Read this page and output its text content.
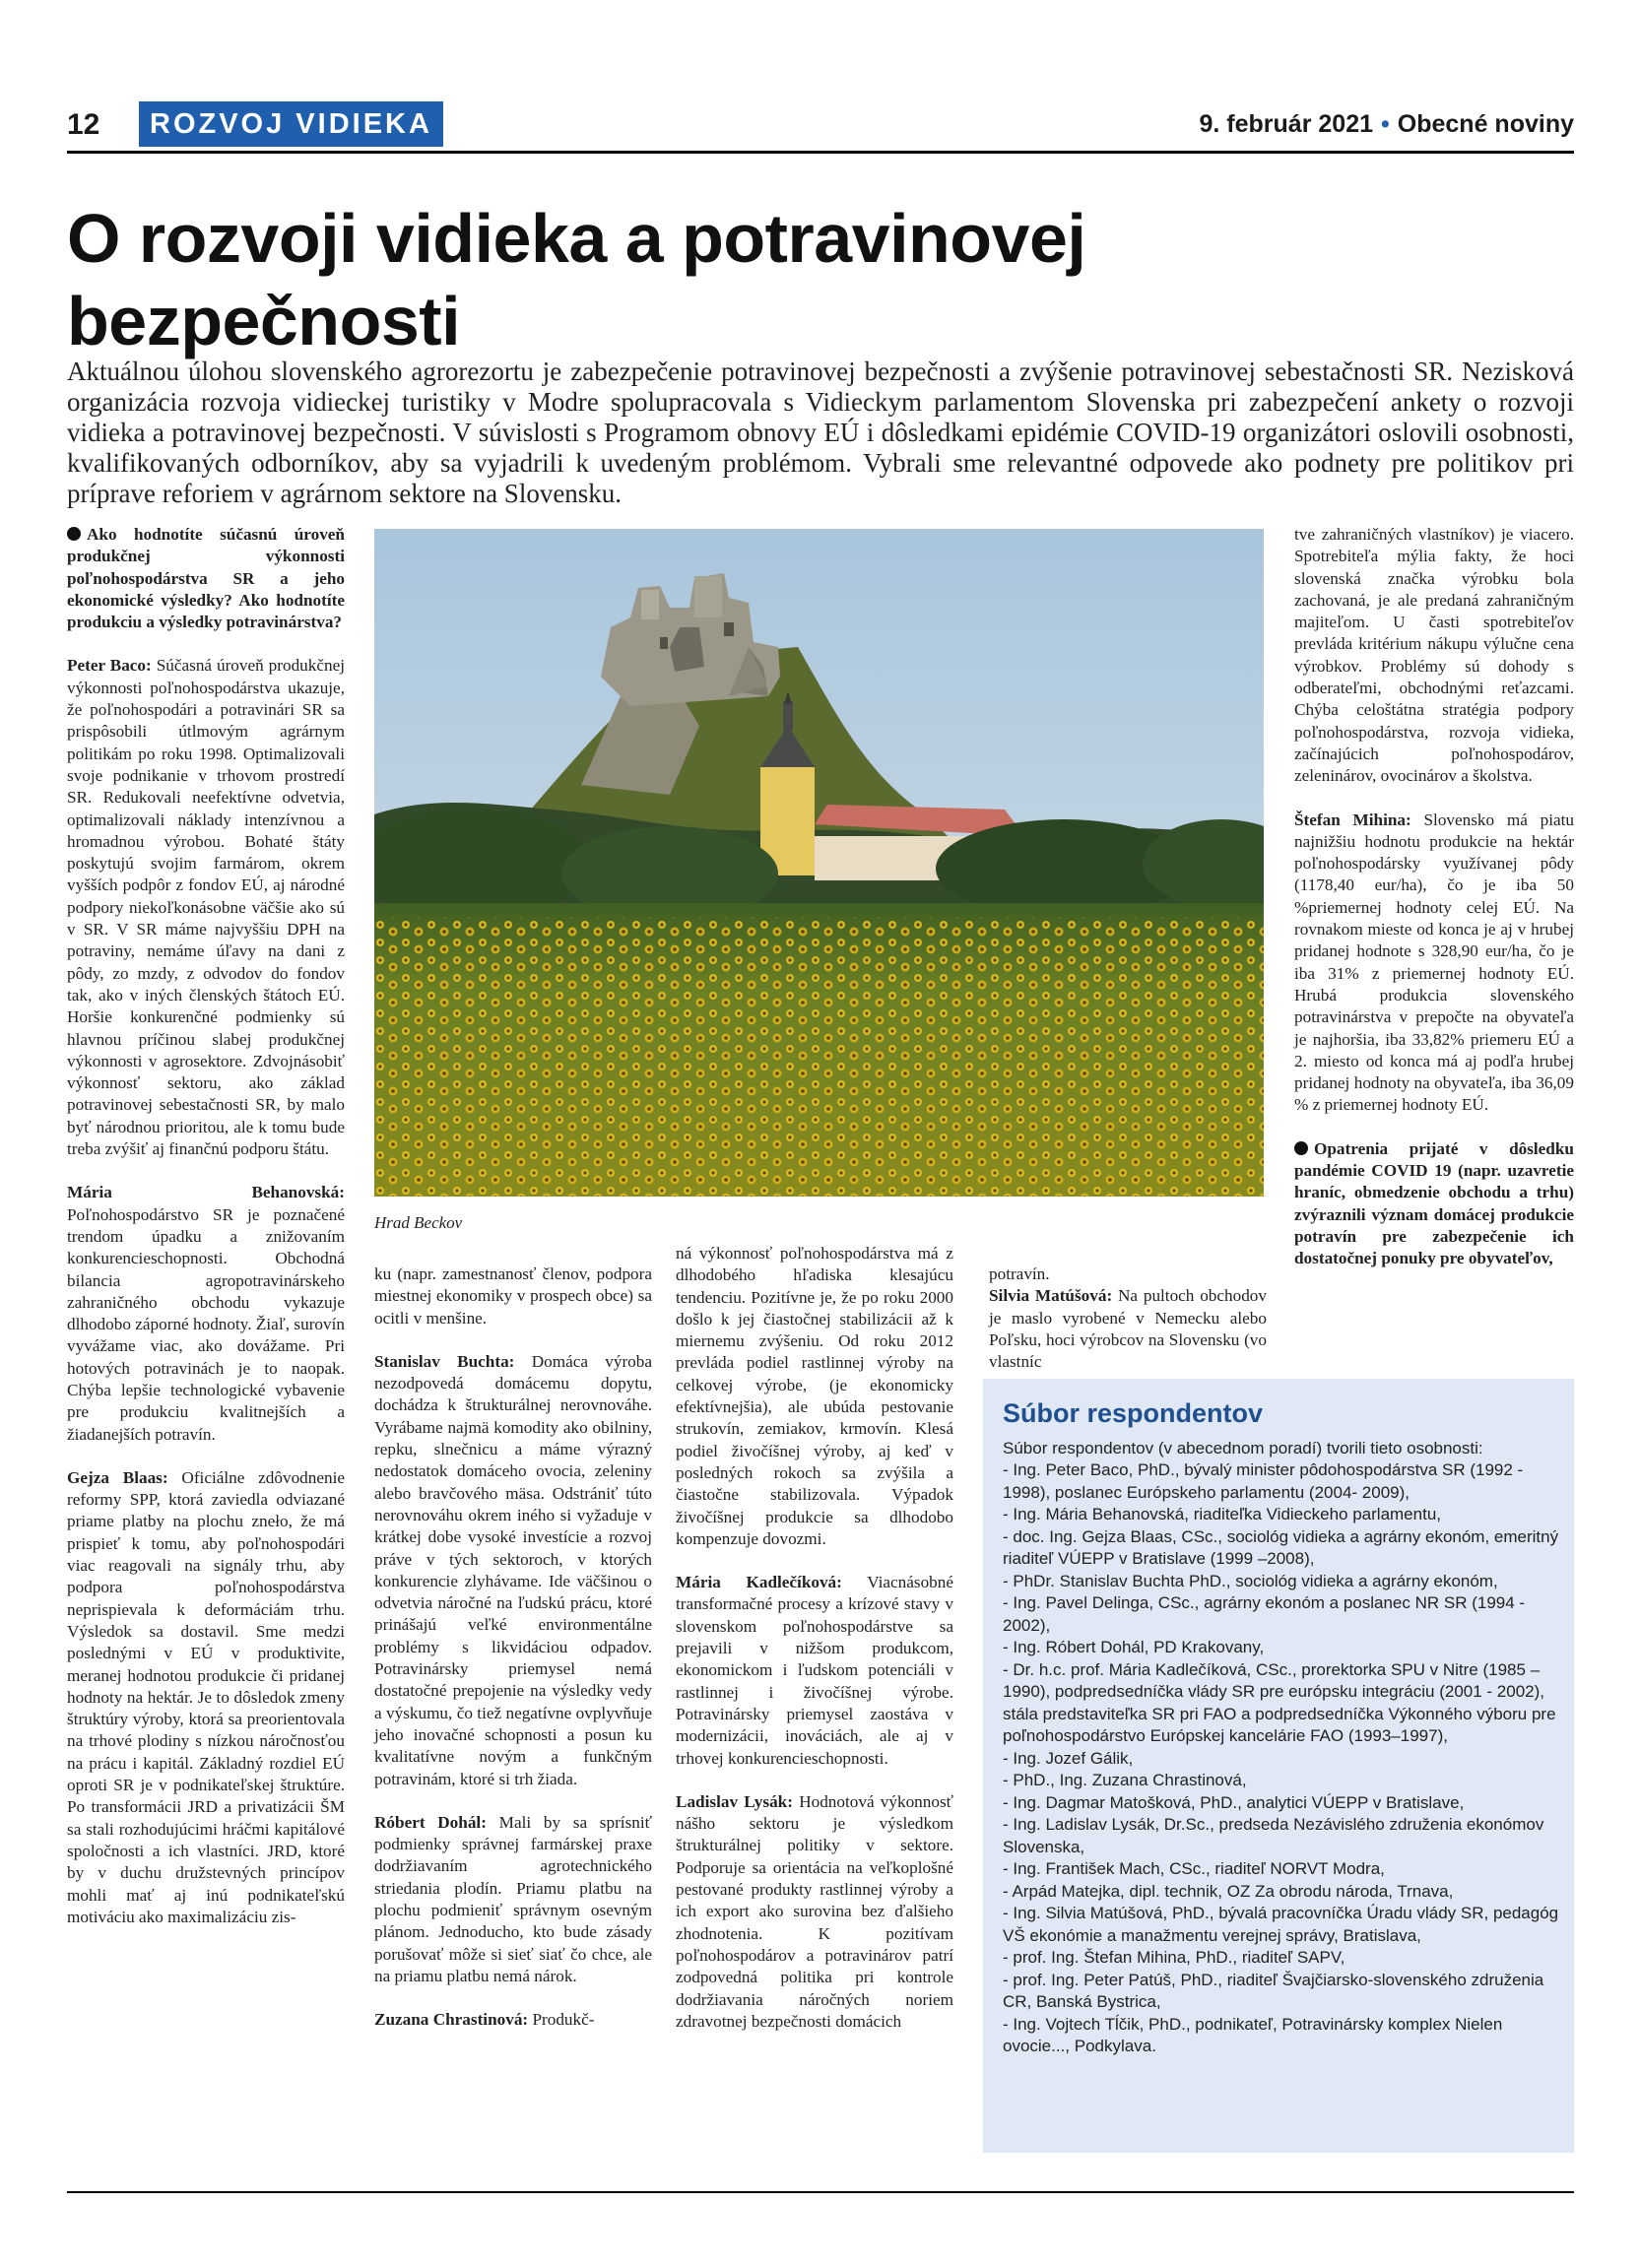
12 ROZVOJ VIDIEKA	9. február 2021 • Obecné noviny
O rozvoji vidieka a potravinovej bezpečnosti

Aktuálnou úlohou slovenského agrorezortu je zabezpečenie potravinovej bezpečnosti a zvýšenie potravinovej sebestačnosti SR. Nezisková organizácia rozvoja vidieckej turistiky v Modre spolupracovala s Vidieckym parlamentom Slovenska pri zabezpečení ankety o rozvoji vidieka a potravinovej bezpečnosti. V súvislosti s Programom obnovy EÚ i dôsledkami epidémie COVID-19 organizátori oslovili osobnosti, kvalifikovaných odborníkov, aby sa vyjadrili k uvedeným problémom. Vybrali sme relevantné odpovede ako podnety pre politikov pri príprave reforiem v agrárnom sektore na Slovensku.

Ako hodnotíte súčasnú úroveň produkčnej výkonnosti poľnohospodárstva SR a jeho ekonomické výsledky? Ako hodnotíte produkciu a výsledky potravinárstva?

Peter Baco: Súčasná úroveň produkčnej výkonnosti poľnohospodárstva ukazuje, že poľnohospodári a potravinári SR sa prispôsobili útlmovým agrárnym politikám po roku 1998. Optimalizovali svoje podnikanie v trhovom prostredí SR. Redukovali neefektívne odvetvia, optimalizovali náklady intenzívnou a hromadnou výrobou. Bohaté štáty poskytujú svojim farmárom, okrem vyšších podpôr z fondov EÚ, aj národné podpory niekoľkonásobne väčšie ako sú v SR. V SR máme najvyššiu DPH na potraviny, nemáme úľavy na dani z pôdy, zo mzdy, z odvodov do fondov tak, ako v iných členských štátoch EÚ. Horšie konkurenčné podmienky sú hlavnou príčinou slabej produkčnej výkonnosti v agrosektore. Zdvojnásobiť výkonnosť sektoru, ako základ potravinovej sebestačnosti SR, by malo byť národnou prioritou, ale k tomu bude treba zvýšiť aj finančnú podporu štátu.

Mária Behanovská: Poľnohospodárstvo SR je poznačené trendom úpadku a znižovaním konkurencieschopnosti. Obchodná bilancia agropotravinárskeho zahraničného obchodu vykazuje dlhodobo záporné hodnoty. Žiaľ, surovín vyvážame viac, ako dovážame. Pri hotových potravinách je to naopak. Chýba lepšie technologické vybavenie pre produkciu kvalitnejších a žiadanejších potravín.

Gejza Blaas: Oficiálne zdôvodnenie reformy SPP, ktorá zaviedla odviazané priame platby na plochu zneło, že má prispieť k tomu, aby poľnohospodári viac reagovali na signály trhu, aby podpora poľnohospodárstva neprispievala k deformáciám trhu. Výsledok sa dostavil. Sme medzi poslednými v EÚ v produktivite, meranej hodnotou produkcie či pridanej hodnoty na hektár. Je to dôsledok zmeny štruktúry výroby, ktorá sa preorientovala na trhové plodiny s nízkou náročnosťou na prácu i kapitál. Základný rozdiel EÚ oproti SR je v podnikateľskej štruktúre. Po transformácii JRD a privatizácii ŠM sa stali rozhodujúcimi hráčmi kapitálové spoločnosti a ich vlastníci. JRD, ktoré by v duchu družstevných princípov mohli mať aj inú podnikateľskú motiváciu ako maximalizáciu zis-

Hrad Beckov

ku (napr. zamestnanosť členov, podpora miestnej ekonomiky v prospech obce) sa ocitli v menšine.

Stanislav Buchta: Domáca výroba nezodpovedá domácemu dopytu, dochádza k štrukturálnej nerovnováhe. Vyrábame najmä komodity ako obilniny, repku, slnečnicu a máme výrazný nedostatok domáceho ovocia, zeleniny alebo bravčového mäsa. Odstrániť túto nerovnováhu okrem iného si vyžaduje v krátkej dobe vysoké investície a rozvoj práve v tých sektoroch, v ktorých konkurencie zlyhávame. Ide väčšinou o odvetvia náročné na ľudskú prácu, ktoré prinášajú veľké environmentálne problémy s likvidáciou odpadov. Potravinársky priemysel nemá dostatočné prepojenie na výsledky vedy a výskumu, čo tiež negatívne ovplyvňuje jeho inovačné schopnosti a posun ku kvalitatívne novým a funkčným potravinám, ktoré si trh žiada.

Róbert Dohál: Mali by sa sprísniť podmienky správnej farmárskej praxe dodržiavaním agrotechnického striedania plodín. Priamu platbu na plochu podmieniť správnym osevným plánom. Jednoducho, kto bude zásady porušovať môže si sieť siať čo chce, ale na priamu platbu nemá nárok.

Zuzana Chrastinová: Produkč-

ná výkonnosť poľnohospodárstva má z dlhodobého hľadiska klesajúcu tendenciu. Pozitívne je, že po roku 2000 došlo k jej čiastočnej stabilizácii až k miernemu zvýšeniu. Od roku 2012 prevláda podiel rastlinnej výroby na celkovej výrobe, (je ekonomicky efektívnejšia), ale ubúda pestovanie strukovín, zemiakov, krmovín. Klesá podiel živočíšnej výroby, aj keď v posledných rokoch sa zvýšila a čiastočne stabilizovala. Výpadok živočíšnej produkcie sa dlhodobo kompenzuje dovozmi.

Mária Kadlečíková: Viacnásobné transformačné procesy a krízové stavy v slovenskom poľnohospodárstve sa prejavili v nižšom produkcom, ekonomickom i ľudskom potenciáli v rastlinnej i živočíšnej výrobe. Potravinársky priemysel zaostáva v modernizácii, inováciách, ale aj v trhovej konkurencieschopnosti.

Ladislav Lysák: Hodnotová výkonnosť nášho sektoru je výsledkom štrukturálnej politiky v sektore. Podporuje sa orientácia na veľkoplošné pestované produkty rastlinnej výroby a ich export ako surovina bez ďalšieho zhodnotenia. K pozitívam poľnohospodárov a potravinárov patrí zodpovedná politika pri kontrole dodržiavania náročných noriem zdravotnej bezpečnosti domácich

potravín.

Silvia Matúšová: Na pultoch obchodov je maslo vyrobené v Nemecku alebo Poľsku, hoci výrobcov na Slovensku (vo vlastníc

tve zahraničných vlastníkov) je viacero. Spotrebiteľa mýlia fakty, že hoci slovenská značka výrobku bola zachovaná, je ale predaná zahraničným majiteľom. U časti spotrebiteľov prevláda kritérium nákupu výlučne cena výrobkov. Problémy sú dohody s odberateľmi, obchodnými reťazcami. Chýba celoštátna stratégia podpory poľnohospodárstva, rozvoja vidieka, začínajúcich poľnohospodárov, zeleninárov, ovocinárov a školstva.

Štefan Mihina: Slovensko má piatu najnižšiu hodnotu produkcie na hektár poľnohospodársky využívanej pôdy (1178,40 eur/ha), čo je iba 50 %priemernej hodnoty celej EÚ. Na rovnakom mieste od konca je aj v hrubej pridanej hodnote s 328,90 eur/ha, čo je iba 31% z priemernej hodnoty EÚ. Hrubá produkcia slovenského potravinárstva v prepočte na obyvateľa je najhoršia, iba 33,82% priemeru EÚ a 2. miesto od konca má aj podľa hrubej pridanej hodnoty na obyvateľa, iba 36,09 % z priemernej hodnoty EÚ.

Opatrenia prijaté v dôsledku pandémie COVID 19 (napr. uzavretie hraníc, obmedzenie obchodu a trhu) zvýraznili význam domácej produkcie potravín pre zabezpečenie ich dostatočnej ponuky pre obyvateľov,

Súbor respondentov

Súbor respondentov (v abecednom poradí) tvorili tieto osobnosti:

- Ing. Peter Baco, PhD., bývalý minister pôdohospodárstva SR (1992 - 1998), poslanec Európskeho parlamentu (2004- 2009),
- Ing. Mária Behanovská, riaditeľka Vidieckeho parlamentu,
- doc. Ing. Gejza Blaas, CSc., sociológ vidieka a agrárny ekonóm, emeritný riaditeľ VÚEPP v Bratislave (1999 –2008),
- PhDr. Stanislav Buchta PhD., sociológ vidieka a agrárny ekonóm,
- Ing. Pavel Delinga, CSc., agrárny ekonóm a poslanec NR SR (1994 - 2002),
- Ing. Róbert Dohál, PD Krakovany,
- Dr. h.c. prof. Mária Kadlečíková, CSc., prorektorka SPU v Nitre (1985 – 1990), podpredsedníčka vlády SR pre európsku integráciu (2001 - 2002), stála predstaviteľka SR pri FAO a podpredsedníčka Výkonného výboru pre poľnohospodárstvo Európskej kancelárie FAO (1993–1997),
- Ing. Jozef Gálik,
- PhD., Ing. Zuzana Chrastinová,
- Ing. Dagmar Matošková, PhD., analytici VÚEPP v Bratislave,
- Ing. Ladislav Lysák, Dr.Sc., predseda Nezávislého združenia ekonómov Slovenska,
- Ing. František Mach, CSc., riaditeľ NORVT Modra,
- Arpád Matejka, dipl. technik, OZ Za obrodu národa, Trnava,
- Ing. Silvia Matúšová, PhD., bývalá pracovníčka Úradu vlády SR, pedagóg VŠ ekonómie a manažmentu verejnej správy, Bratislava,
- prof. Ing. Štefan Mihina, PhD., riaditeľ SAPV,
- prof. Ing. Peter Patúš, PhD., riaditeľ Švajčiarsko-slovenského združenia CR, Banská Bystrica,
- Ing. Vojtech Tĺčik, PhD., podnikateľ, Potravinársky komplex Nielen ovocie..., Podkylava.
